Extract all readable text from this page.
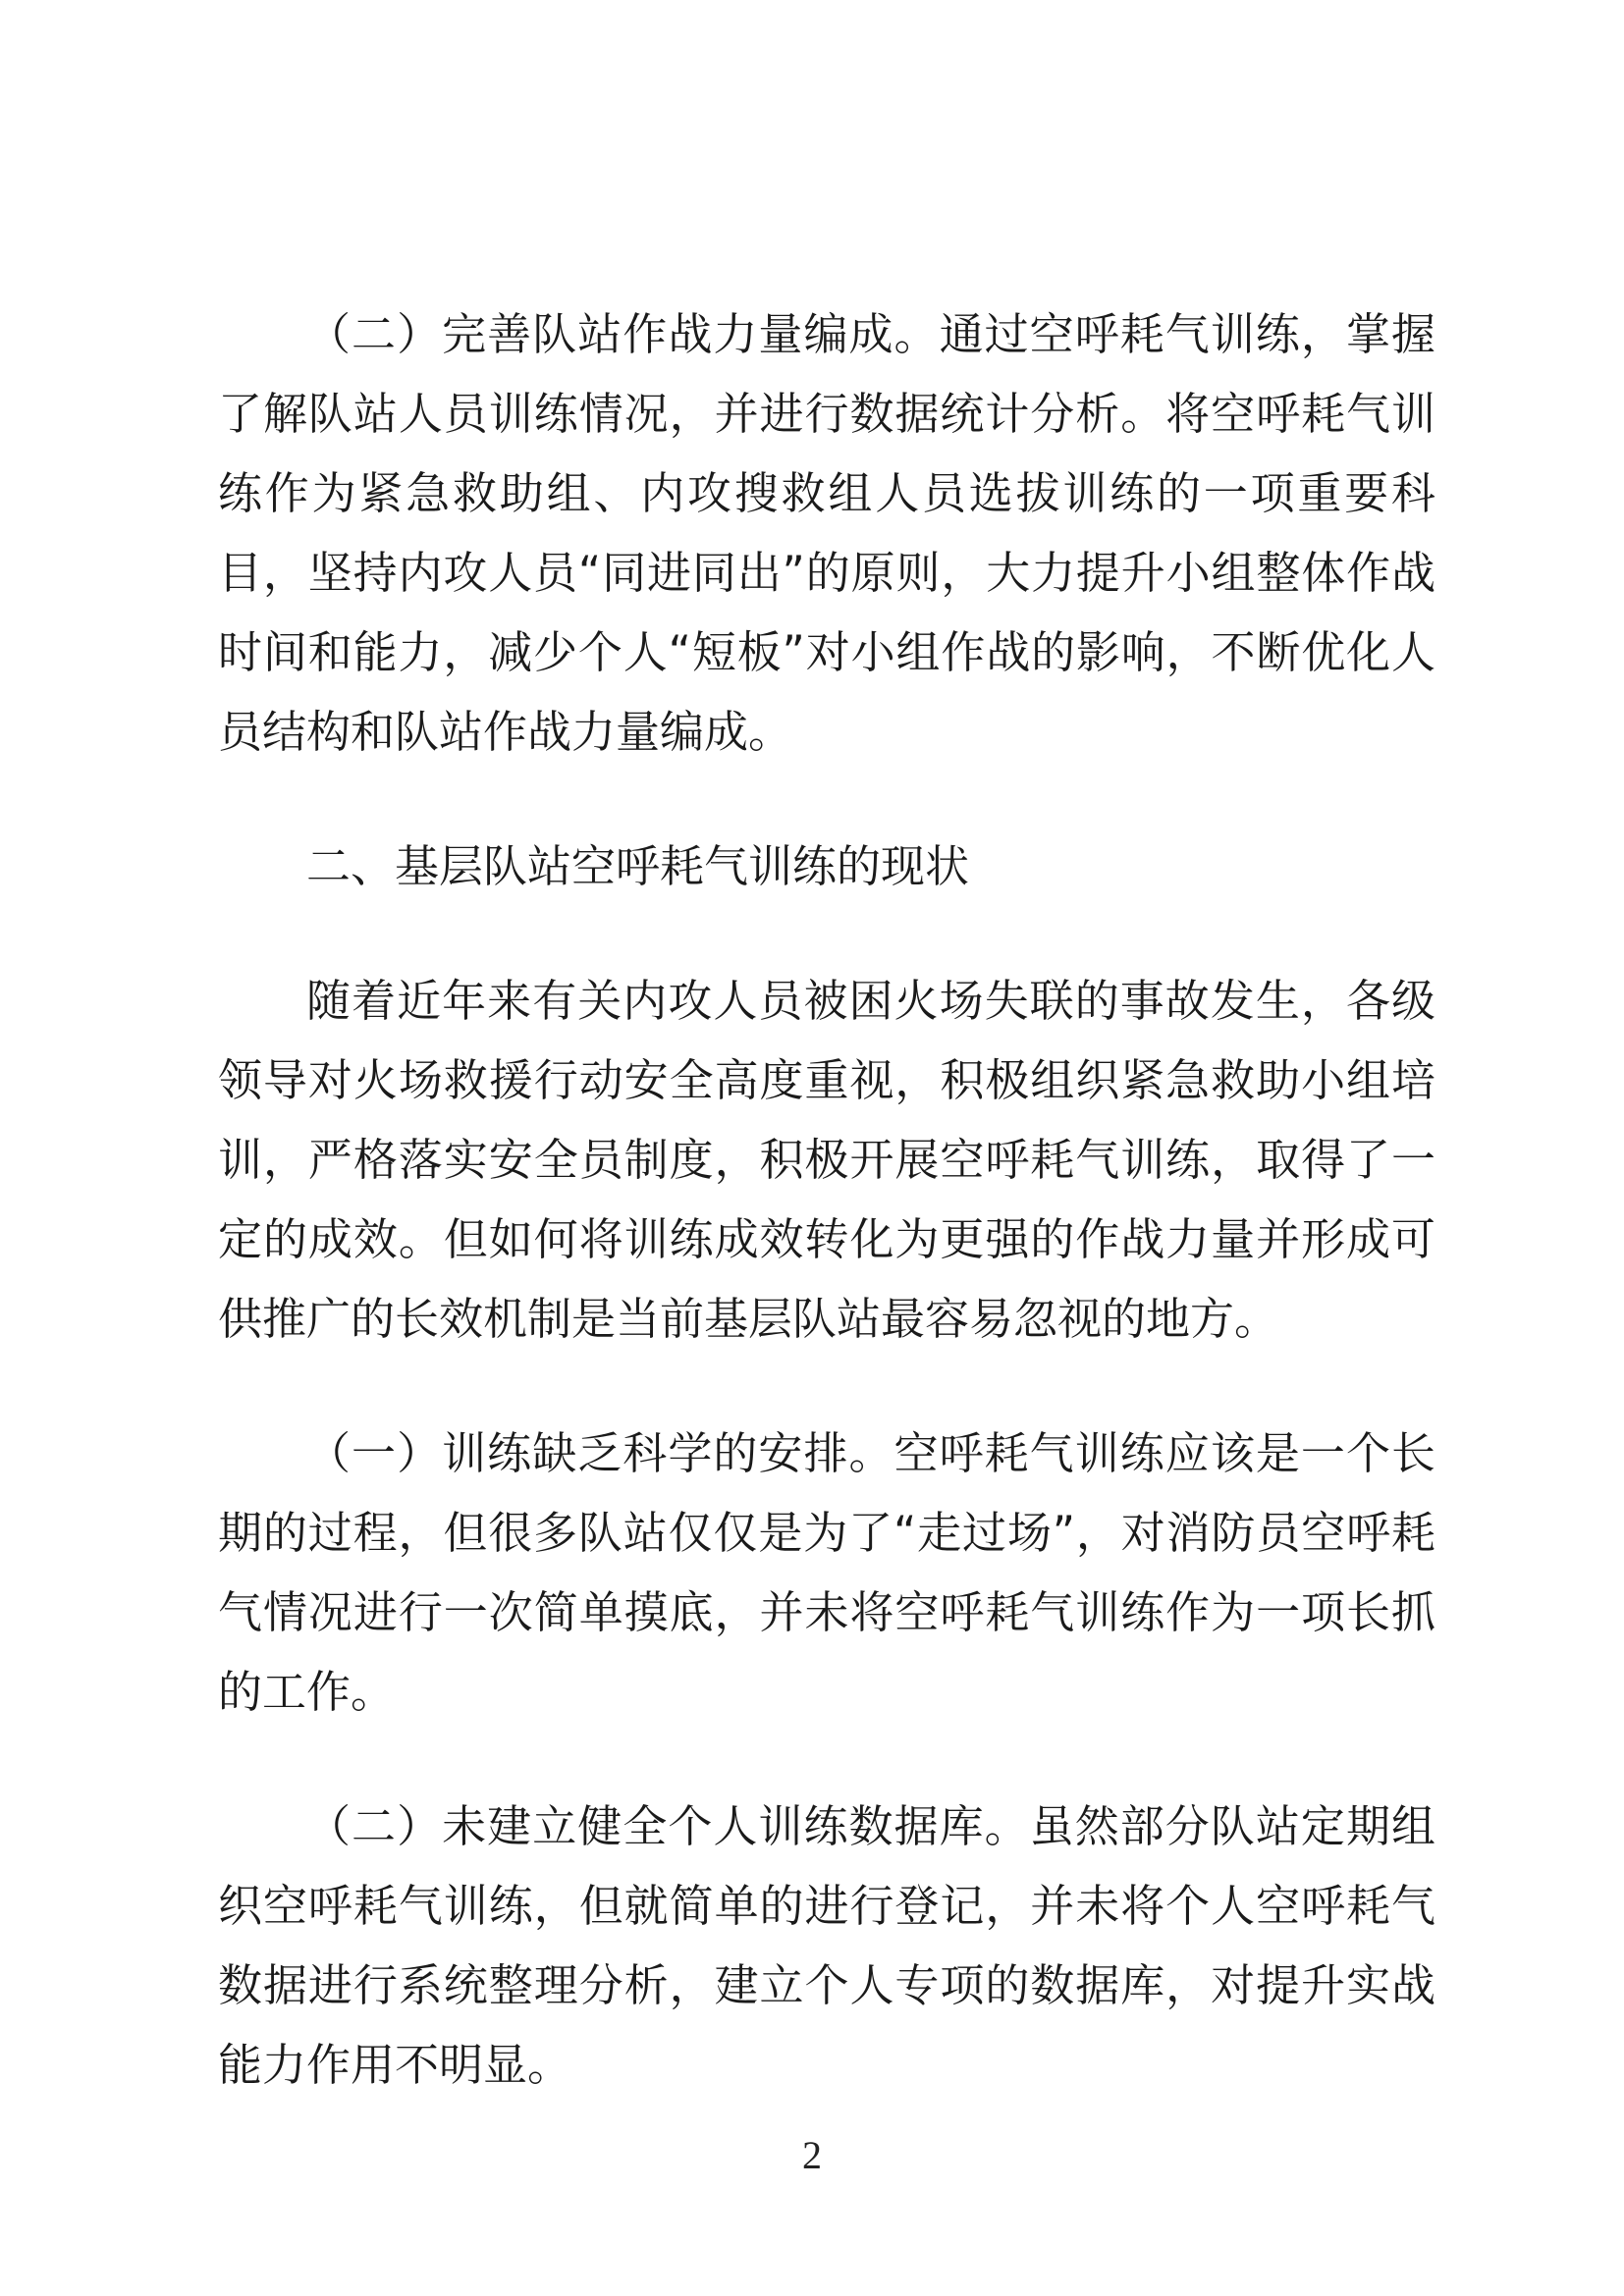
（二）完善队站作战力量编成。通过空呼耗气训练，掌握了解队站人员训练情况，并进行数据统计分析。将空呼耗气训练作为紧急救助组、内攻搜救组人员选拔训练的一项重要科目，坚持内攻人员“同进同出”的原则，大力提升小组整体作战时间和能力，减少个人“短板”对小组作战的影响，不断优化人员结构和队站作战力量编成。

二、基层队站空呼耗气训练的现状

随着近年来有关内攻人员被困火场失联的事故发生，各级领导对火场救援行动安全高度重视，积极组织紧急救助小组培训，严格落实安全员制度，积极开展空呼耗气训练，取得了一定的成效。但如何将训练成效转化为更强的作战力量并形成可供推广的长效机制是当前基层队站最容易忽视的地方。

（一）训练缺乏科学的安排。空呼耗气训练应该是一个长期的过程，但很多队站仅仅是为了“走过场”，对消防员空呼耗气情况进行一次简单摸底，并未将空呼耗气训练作为一项长抓的工作。

（二）未建立健全个人训练数据库。虽然部分队站定期组织空呼耗气训练，但就简单的进行登记，并未将个人空呼耗气数据进行系统整理分析，建立个人专项的数据库，对提升实战能力作用不明显。

2
